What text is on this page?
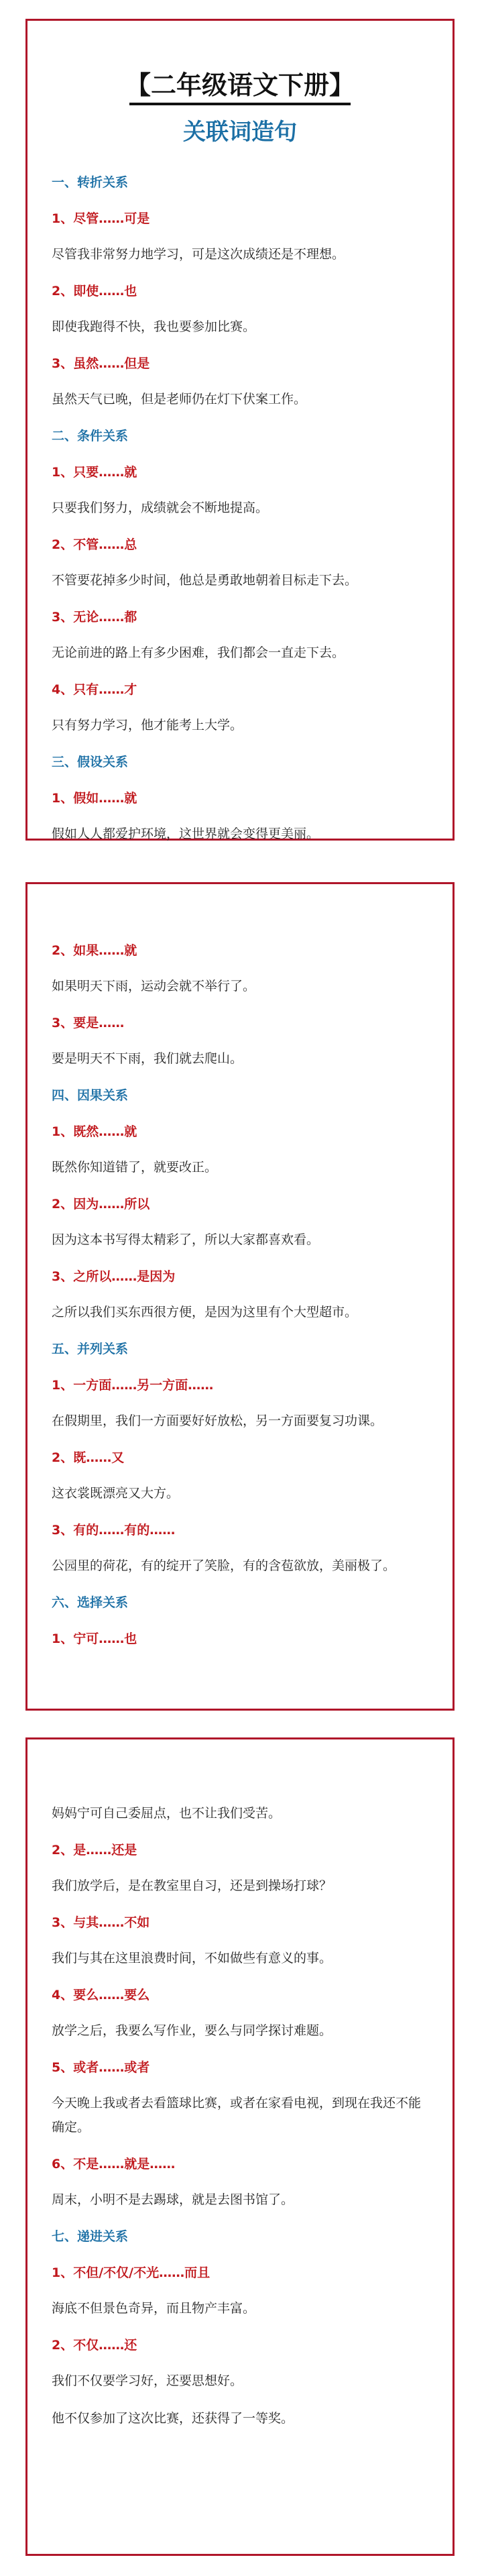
【二年级语文下册】
关联词造句

一、转折关系

1、尽管……可是

尽管我非常努力地学习，可是这次成绩还是不理想。

2、即使……也

即使我跑得不快，我也要参加比赛。

3、虽然……但是

虽然天气已晚，但是老师仍在灯下伏案工作。

二、条件关系

1、只要……就

只要我们努力，成绩就会不断地提高。

2、不管……总

不管要花掉多少时间，他总是勇敢地朝着目标走下去。

3、无论……都

无论前进的路上有多少困难，我们都会一直走下去。

4、只有……才

只有努力学习，他才能考上大学。

三、假设关系

1、假如……就

假如人人都爱护环境，这世界就会变得更美丽。

2、如果……就

如果明天下雨，运动会就不举行了。

3、要是……

要是明天不下雨，我们就去爬山。

四、因果关系

1、既然……就

既然你知道错了，就要改正。

2、因为……所以

因为这本书写得太精彩了，所以大家都喜欢看。

3、之所以……是因为

之所以我们买东西很方便，是因为这里有个大型超市。

五、并列关系

1、一方面……另一方面……

在假期里，我们一方面要好好放松，另一方面要复习功课。

2、既……又

这衣裳既漂亮又大方。

3、有的……有的……

公园里的荷花，有的绽开了笑脸，有的含苞欲放，美丽极了。

六、选择关系

1、宁可……也

妈妈宁可自己委屈点，也不让我们受苦。

2、是……还是

我们放学后，是在教室里自习，还是到操场打球？

3、与其……不如

我们与其在这里浪费时间，不如做些有意义的事。

4、要么……要么

放学之后，我要么写作业，要么与同学探讨难题。

5、或者……或者

今天晚上我或者去看篮球比赛，或者在家看电视，到现在我还不能确定。

6、不是……就是……

周末，小明不是去踢球，就是去图书馆了。

七、递进关系

1、不但/不仅/不光……而且

海底不但景色奇异，而且物产丰富。

2、不仅……还

我们不仅要学习好，还要思想好。

他不仅参加了这次比赛，还获得了一等奖。
